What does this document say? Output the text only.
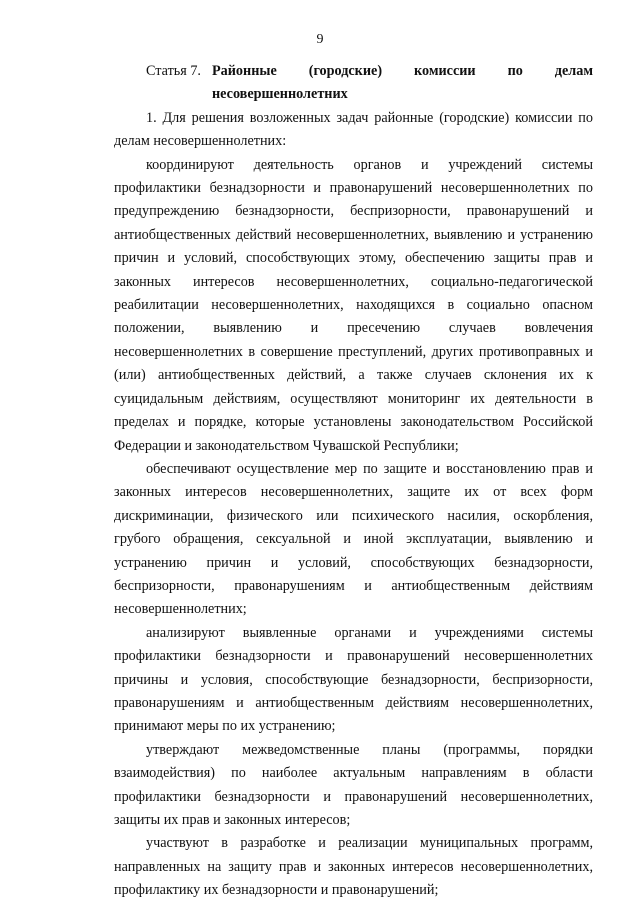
9

Статья 7. Районные (городские) комиссии по делам несовершеннолетних

1. Для решения возложенных задач районные (городские) комиссии по делам несовершеннолетних:

координируют деятельность органов и учреждений системы профилактики безнадзорности и правонарушений несовершеннолетних по предупреждению безнадзорности, беспризорности, правонарушений и антиобщественных действий несовершеннолетних, выявлению и устранению причин и условий, способствующих этому, обеспечению защиты прав и законных интересов несовершеннолетних, социально-педагогической реабилитации несовершеннолетних, находящихся в социально опасном положении, выявлению и пресечению случаев вовлечения несовершеннолетних в совершение преступлений, других противоправных и (или) антиобщественных действий, а также случаев склонения их к суицидальным действиям, осуществляют мониторинг их деятельности в пределах и порядке, которые установлены законодательством Российской Федерации и законодательством Чувашской Республики;

обеспечивают осуществление мер по защите и восстановлению прав и законных интересов несовершеннолетних, защите их от всех форм дискриминации, физического или психического насилия, оскорбления, грубого обращения, сексуальной и иной эксплуатации, выявлению и устранению причин и условий, способствующих безнадзорности, беспризорности, правонарушениям и антиобщественным действиям несовершеннолетних;

анализируют выявленные органами и учреждениями системы профилактики безнадзорности и правонарушений несовершеннолетних причины и условия, способствующие безнадзорности, беспризорности, правонарушениям и антиобщественным действиям несовершеннолетних, принимают меры по их устранению;

утверждают межведомственные планы (программы, порядки взаимодействия) по наиболее актуальным направлениям в области профилактики безнадзорности и правонарушений несовершеннолетних, защиты их прав и законных интересов;

участвуют в разработке и реализации муниципальных программ, направленных на защиту прав и законных интересов несовершеннолетних, профилактику их безнадзорности и правонарушений;
